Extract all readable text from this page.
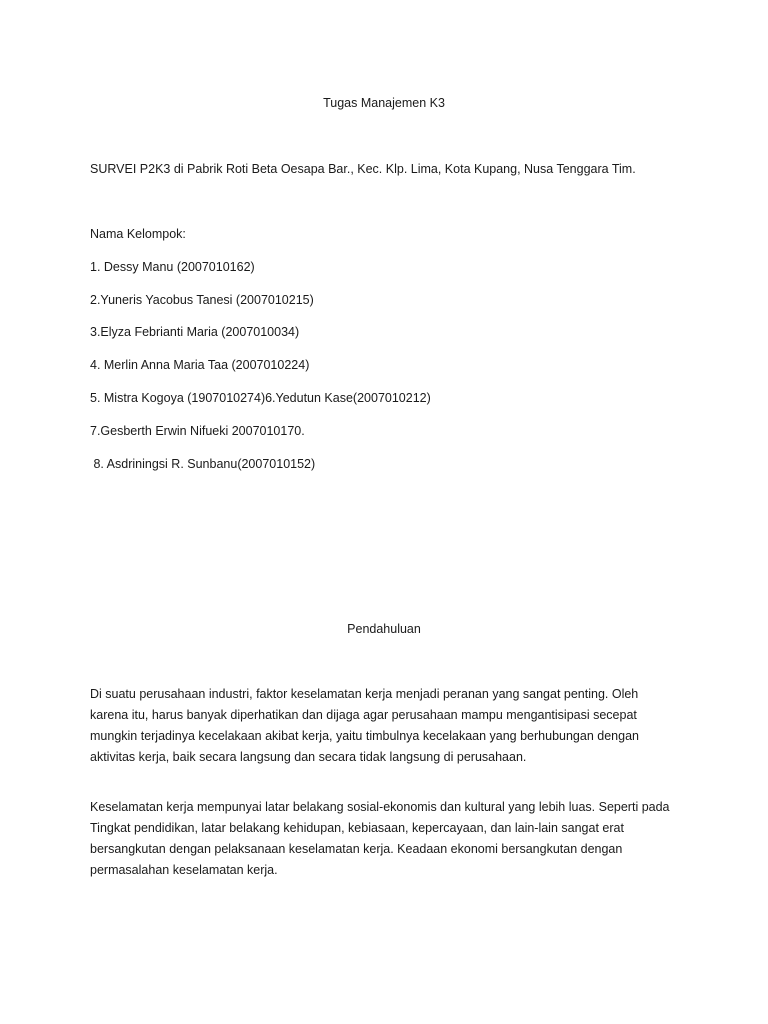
Tugas Manajemen K3
SURVEI P2K3 di Pabrik Roti Beta Oesapa Bar., Kec. Klp. Lima, Kota Kupang, Nusa Tenggara Tim.
Nama Kelompok:
1. Dessy Manu (2007010162)
2.Yuneris Yacobus Tanesi (2007010215)
3.Elyza Febrianti Maria (2007010034)
4. Merlin Anna Maria Taa (2007010224)
5. Mistra Kogoya (1907010274)6.Yedutun Kase(2007010212)
7.Gesberth Erwin Nifueki 2007010170.
8. Asdriningsi R. Sunbanu(2007010152)
Pendahuluan
Di suatu perusahaan industri, faktor keselamatan kerja menjadi peranan yang sangat penting. Oleh
karena itu, harus banyak diperhatikan dan dijaga agar perusahaan mampu mengantisipasi secepat
mungkin terjadinya kecelakaan akibat kerja, yaitu timbulnya kecelakaan yang berhubungan dengan
aktivitas kerja, baik secara langsung dan secara tidak langsung di perusahaan.
Keselamatan kerja mempunyai latar belakang sosial-ekonomis dan kultural yang lebih luas. Seperti pada
Tingkat pendidikan, latar belakang kehidupan, kebiasaan, kepercayaan, dan lain-lain sangat erat
bersangkutan dengan pelaksanaan keselamatan kerja. Keadaan ekonomi bersangkutan dengan
permasalahan keselamatan kerja.
